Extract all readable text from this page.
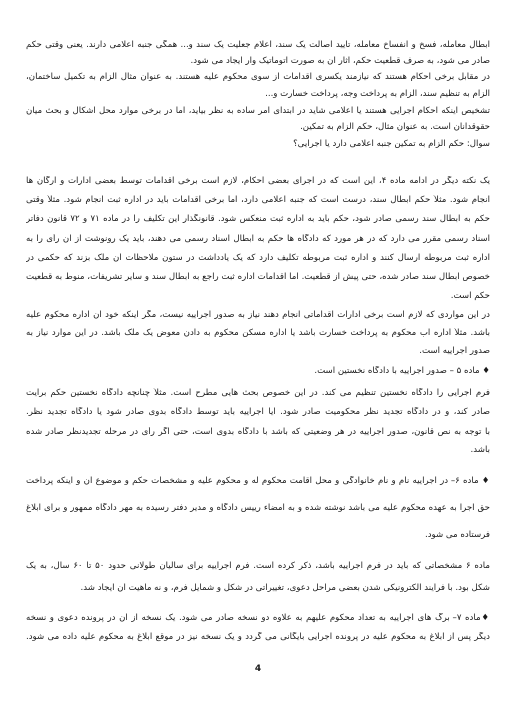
ابطال معامله، فسخ و انفساخ معامله، تایید اصالت یک سند، اعلام جعلیت یک سند و... همگی جنبه اعلامی دارند. یعنی وقتی حکم
صادر می شود، به صرف قطعیت حکم، آثار آن به صورت اتوماتیک وار ایجاد می شود.
در مقابل برخی احکام هستند که نیازمند یکسری اقدامات از سوی محکوم علیه هستند. به عنوان مثال الزام به تکمیل ساختمان،
الزام به تنظیم سند، الزام به پرداخت وجه، پرداخت خسارت و...
تشخیص اینکه احکام اجرایی هستند یا اعلامی شاید در ابتدای امر ساده به نظر بیاید، اما در برخی موارد محل اشکال و بحث میان
حقوقدانان است. به عنوان مثال، حکم الزام به تمکین.
سوال: حکم الزام به تمکین جنبه اعلامی دارد یا اجرایی؟
یک نکته دیگر در ادامه ماده ۴، این است که در اجرای بعضی احکام، لازم است برخی اقدامات توسط بعضی ادارات و ارگان ها
انجام شود. مثلاً حکم ابطال سند، درست است که جنبه اعلامی دارد، اما برخی اقدامات باید در اداره ثبت انجام شود. مثلاً وقتی
حکم به ابطال سند رسمی صادر شود، حکم باید به اداره ثبت منعکس شود. قانونگذار این تکلیف را در ماده ۷۱ و ۷۲ قانون دفاتر
اسناد رسمی مقرر می دارد که در هر مورد که دادگاه ها حکم به ابطال اسناد رسمی می دهند، باید یک رونوشت از آن رأی را به
اداره ثبت مربوطه ارسال کنند و اداره ثبت مربوطه تکلیف دارد که یک یادداشت در ستون ملاحظات آن ملک بزند که حکمی در
خصوص ابطال سند صادر شده، حتی پیش از قطعیت. اما اقدامات اداره ثبت راجع به ابطال سند و سایر تشریفات، منوط به قطعیت
حکم است.
در این مواردی که لازم است برخی ادارات اقداماتی انجام دهند نیاز به صدور اجراییه نیست، مگر اینکه خود آن اداره محکوم علیه
باشد. مثلاً اداره آب محکوم به پرداخت خسارت باشد یا اداره مسکن محکوم به دادن معوض یک ملک باشد. در این موارد نیاز به
صدور اجراییه است.
♦ ماده ۵ – صدور اجراییه با دادگاه نخستین است.
فرم اجرایی را دادگاه نخستین تنظیم می کند. در این خصوص بحث هایی مطرح است. مثلاً چنانچه دادگاه نخستین حکم برایت
صادر کند، و در دادگاه تجدید نظر محکومیت صادر شود. آیا اجراییه باید توسط دادگاه بدوی صادر شود یا دادگاه تجدید نظر.
با توجه به نص قانون، صدور اجراییه در هر وضعیتی که باشد با دادگاه بدوی است، حتی اگر رأی در مرحله تجدیدنظر صادر شده
باشد.
♦ ماده ۶– در اجراییه نام و نام خانوادگی و محل اقامت محکوم له و محکوم علیه و مشخصات حکم و موضوع آن و اینکه پرداخت
حق اجرا به عهده محکوم علیه می باشد نوشته شده و به امضاء رییس دادگاه و مدیر دفتر رسیده به مهر دادگاه ممهور و برای ابلاغ
فرستاده می شود.
ماده ۶ مشخصاتی که باید در فرم اجراییه باشد، ذکر کرده است. فرم اجراییه برای سالیان طولانی حدود ۵۰ تا ۶۰ سال، به یک
شکل بود. با فرآیند الکترونیکی شدن بعضی مراحل دعوی، تغییراتی در شکل و شمایل فرم، و نه ماهیت آن ایجاد شد.
♦ماده ۷– برگ های اجراییه به تعداد محکوم علیهم به علاوه دو نسخه صادر می شود. یک نسخه از آن در پرونده دعوی و نسخه
دیگر پس از ابلاغ به محکوم علیه در پرونده اجرایی بایگانی می گردد و یک نسخه نیز در موقع ابلاغ به محکوم علیه داده می شود.
4
